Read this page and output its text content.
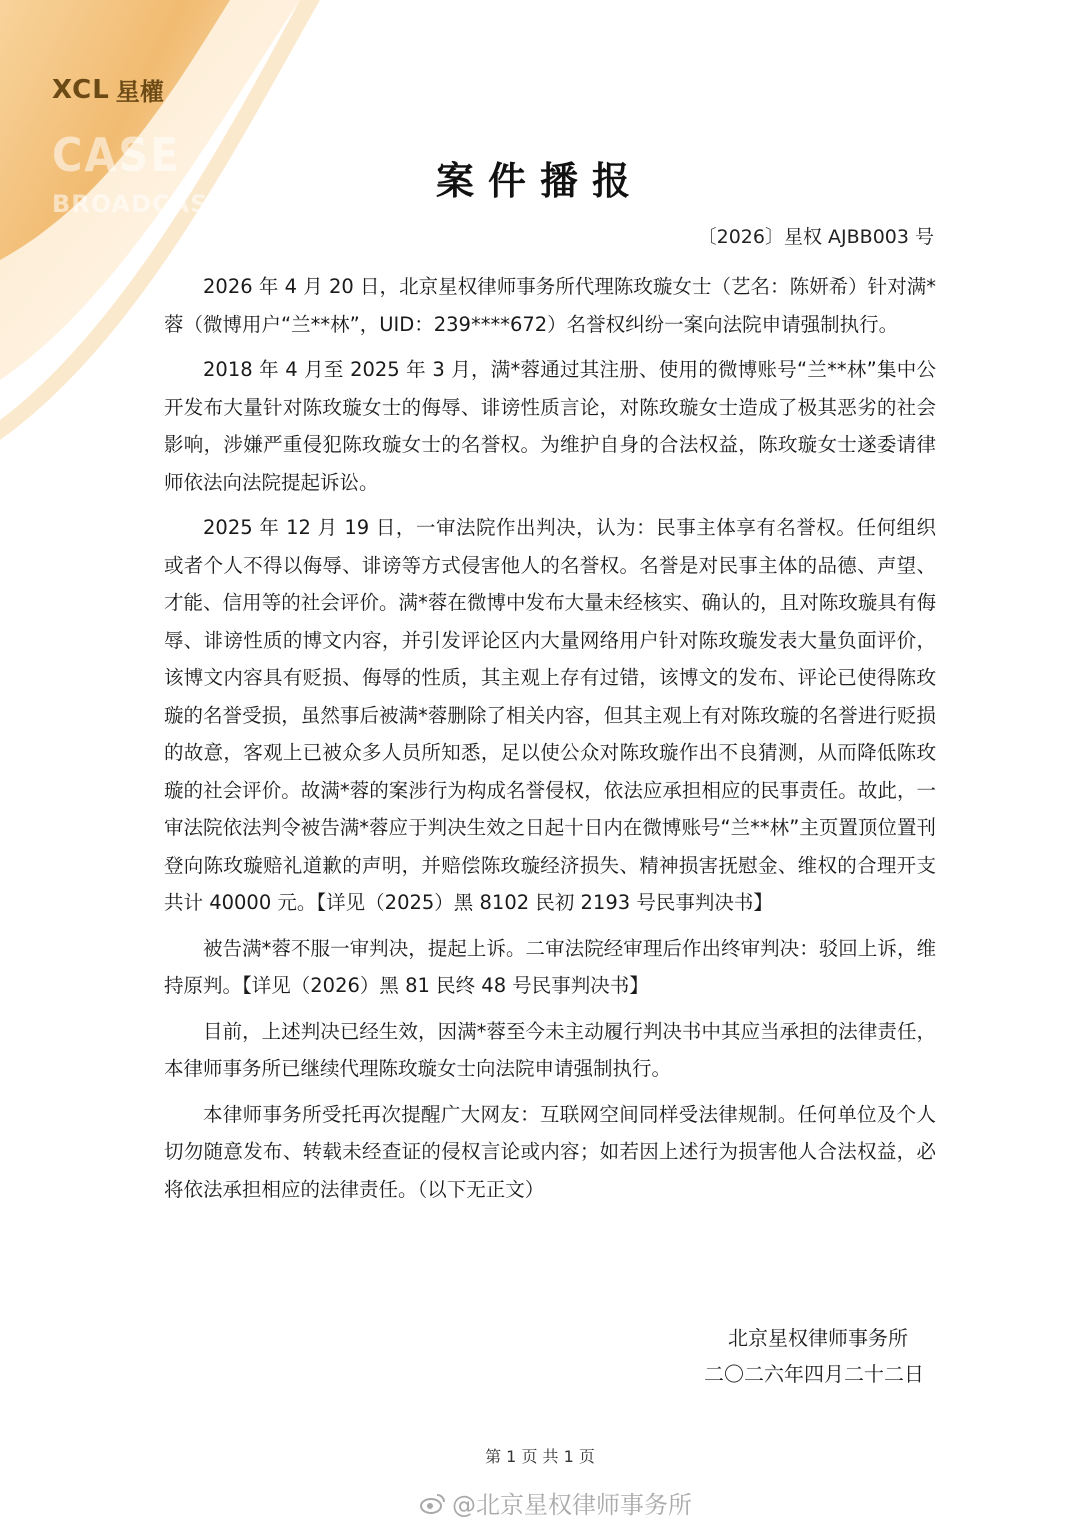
XCL 星權
CASE
BROADCAST
案件播报
〔2026〕星权 AJBB003 号

2026 年 4 月 20 日，北京星权律师事务所代理陈玫璇女士（艺名：陈妍希）针对满*蓉（微博用户“兰**林”，UID：239****672）名誉权纠纷一案向法院申请强制执行。

2018 年 4 月至 2025 年 3 月，满*蓉通过其注册、使用的微博账号“兰**林”集中公开发布大量针对陈玫璇女士的侮辱、诽谤性质言论，对陈玫璇女士造成了极其恶劣的社会影响，涉嫌严重侵犯陈玫璇女士的名誉权。为维护自身的合法权益，陈玫璇女士遂委请律师依法向法院提起诉讼。

2025 年 12 月 19 日，一审法院作出判决，认为：民事主体享有名誉权。任何组织或者个人不得以侮辱、诽谤等方式侵害他人的名誉权。名誉是对民事主体的品德、声望、才能、信用等的社会评价。满*蓉在微博中发布大量未经核实、确认的，且对陈玫璇具有侮辱、诽谤性质的博文内容，并引发评论区内大量网络用户针对陈玫璇发表大量负面评价，该博文内容具有贬损、侮辱的性质，其主观上存有过错，该博文的发布、评论已使得陈玫璇的名誉受损，虽然事后被满*蓉删除了相关内容，但其主观上有对陈玫璇的名誉进行贬损的故意，客观上已被众多人员所知悉，足以使公众对陈玫璇作出不良猜测，从而降低陈玫璇的社会评价。故满*蓉的案涉行为构成名誉侵权，依法应承担相应的民事责任。故此，一审法院依法判令被告满*蓉应于判决生效之日起十日内在微博账号“兰**林”主页置顶位置刊登向陈玫璇赔礼道歉的声明，并赔偿陈玫璇经济损失、精神损害抚慰金、维权的合理开支共计 40000 元。【详见（2025）黑 8102 民初 2193 号民事判决书】

被告满*蓉不服一审判决，提起上诉。二审法院经审理后作出终审判决：驳回上诉，维持原判。【详见（2026）黑 81 民终 48 号民事判决书】

目前，上述判决已经生效，因满*蓉至今未主动履行判决书中其应当承担的法律责任，本律师事务所已继续代理陈玫璇女士向法院申请强制执行。

本律师事务所受托再次提醒广大网友：互联网空间同样受法律规制。任何单位及个人切勿随意发布、转载未经查证的侵权言论或内容；如若因上述行为损害他人合法权益，必将依法承担相应的法律责任。（以下无正文）

北京星权律师事务所
二〇二六年四月二十二日
第 1 页 共 1 页
@北京星权律师事务所
